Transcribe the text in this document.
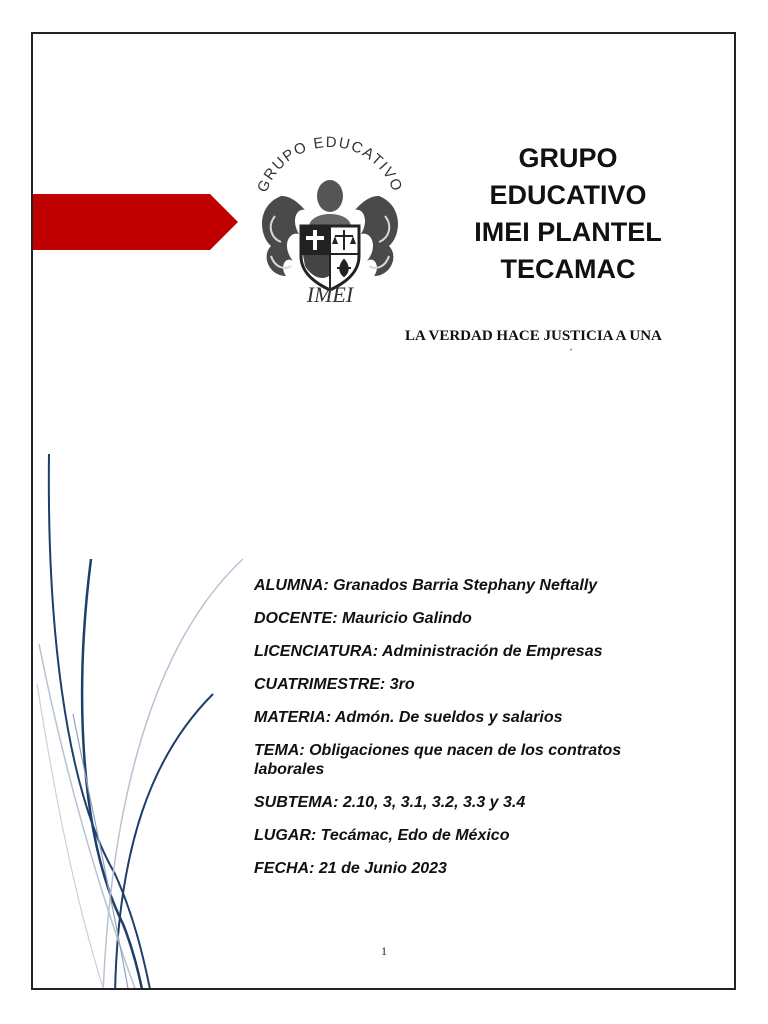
GRUPO EDUCATIVO
IMEI
GRUPO
EDUCATIVO
IMEI PLANTEL
TECAMAC
LA VERDAD HACE JUSTICIA A UNA
´

ALUMNA: Granados Barria Stephany Neftally

DOCENTE: Mauricio Galindo

LICENCIATURA: Administración de Empresas

CUATRIMESTRE: 3ro

MATERIA: Admón. De sueldos y salarios

TEMA: Obligaciones que nacen de los contratos laborales

SUBTEMA: 2.10, 3, 3.1, 3.2, 3.3 y 3.4

LUGAR: Tecámac, Edo de México

FECHA: 21 de Junio 2023

1
